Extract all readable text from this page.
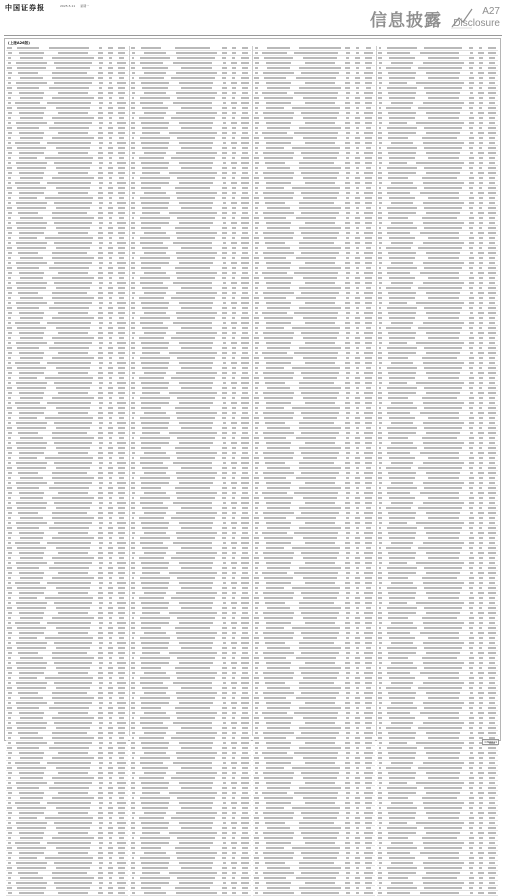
中国证券报	2025.5.11 星期一
信息披露	A27
Disclosure
(上接A26版)
CIS0011
